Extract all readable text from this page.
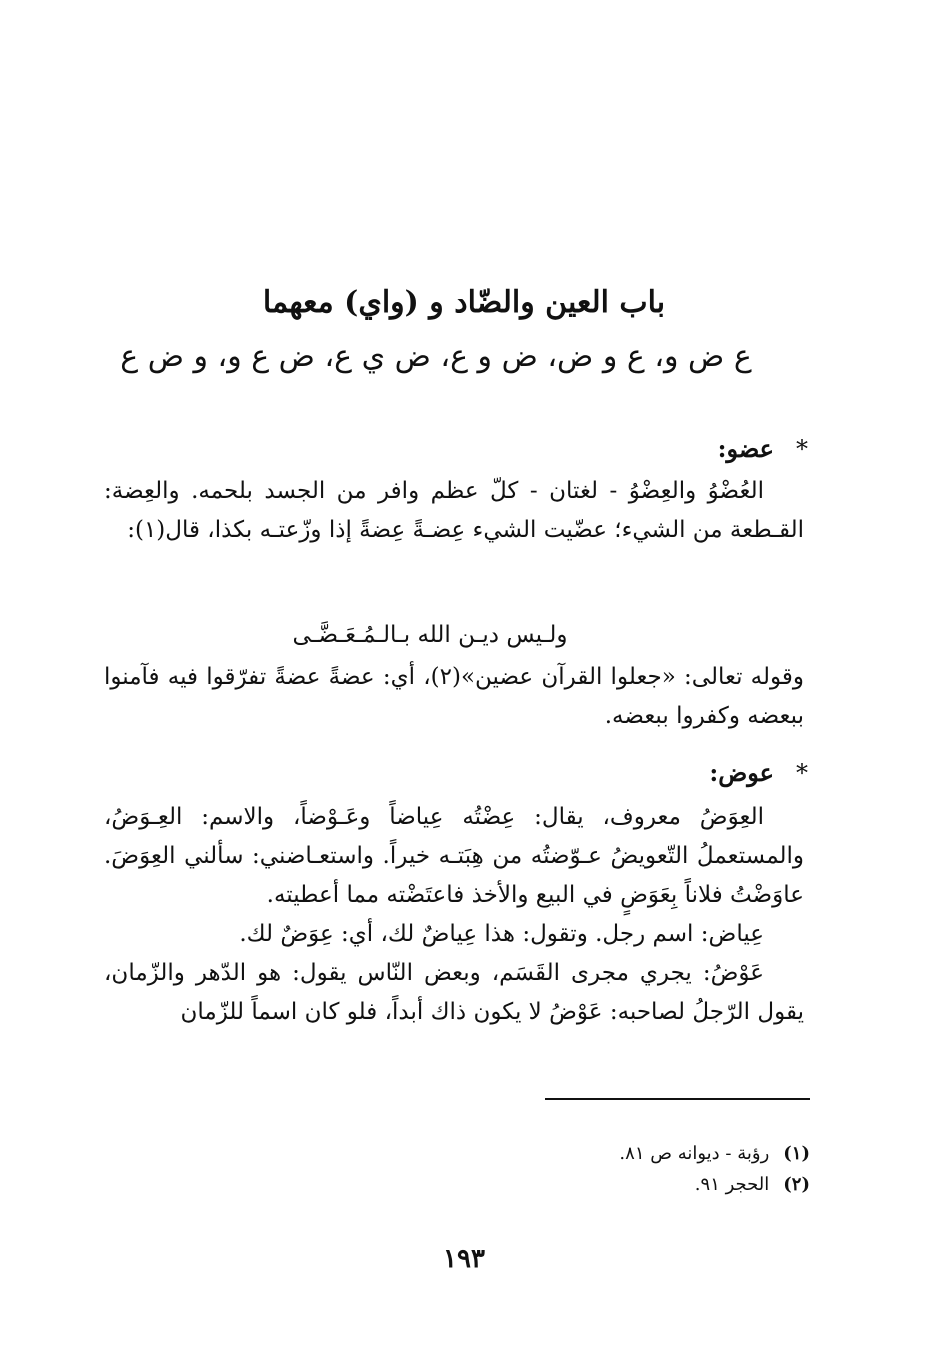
باب العين والضّاد و (واي) معهما
ع ض و، ع و ض، ض و ع، ض ي ع، ض ع و، و ض ع
*عضو:

العُضْوُ والعِضْوُ - لغتان - كلّ عظم وافر من الجسد بلحمه. والعِضة: القـطعة من الشيء؛ عضّيت الشيء عِضـةً عِضةً إذا وزّعتـه بكذا، قال(١):

ولـيس ديـن الله بـالـمُـعَـضَّـى

وقوله تعالى: «جعلوا القرآن عضين»(٢)، أي: عضةً عضةً تفرّقوا فيه فآمنوا ببعضه وكفروا ببعضه.

*عوض:

العِوَضُ معروف، يقال: عِضْتُه عِياضاً وعَـوْضاً، والاسم: العِـوَضُ، والمستعملُ التّعويضُ عـوّضتُه من هِبَتـه خيراً. واستعـاضني: سألني العِوَضَ. عاوَضْتُ فلاناً بِعَوَضٍ في البيع والأخذ فاعتَضْته مما أعطيته.

عِياض: اسم رجل. وتقول: هذا عِياضٌ لك، أي: عِوَضٌ لك.

عَوْضُ: يجري مجرى القَسَم، وبعض النّاس يقول: هو الدّهر والزّمان، يقول الرّجلُ لصاحبه: عَوْضُ لا يكون ذاك أبداً، فلو كان اسماً للزّمان

(١)رؤبة - ديوانه ص ٨١.
(٢)الحجر ٩١.
١٩٣
